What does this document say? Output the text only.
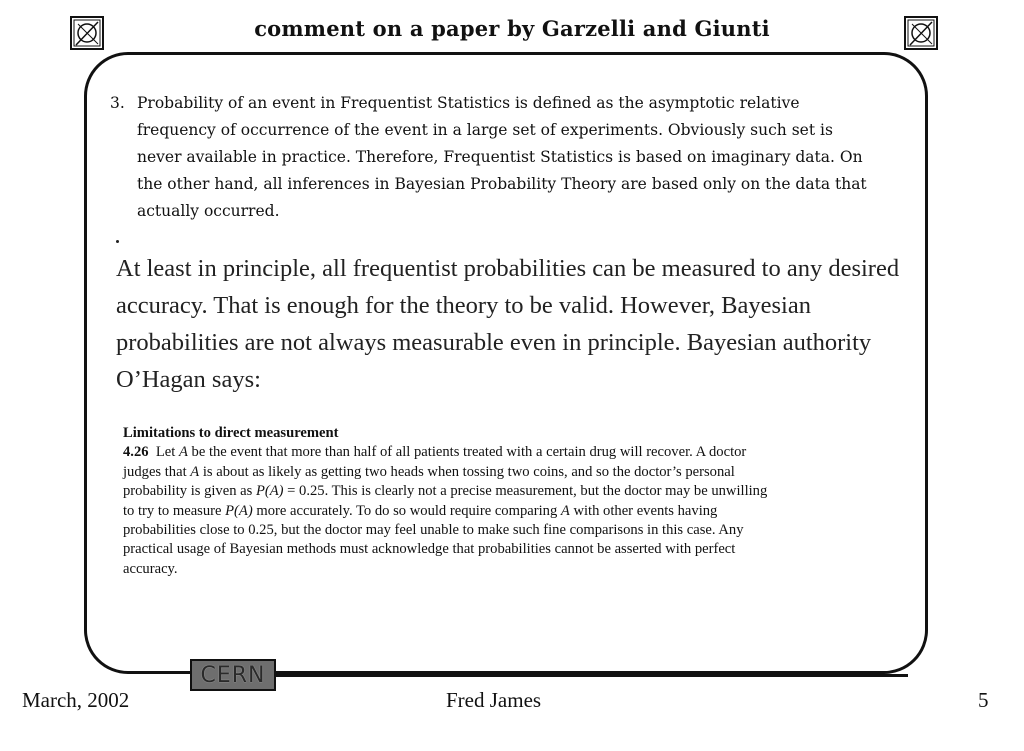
comment on a paper by Garzelli and Giunti
3. Probability of an event in Frequentist Statistics is defined as the asymptotic relative frequency of occurrence of the event in a large set of experiments. Obviously such set is never available in practice. Therefore, Frequentist Statistics is based on imaginary data. On the other hand, all inferences in Bayesian Probability Theory are based only on the data that actually occurred.
At least in principle, all frequentist probabilities can be measured to any desired accuracy. That is enough for the theory to be valid. However, Bayesian probabilities are not always measurable even in principle. Bayesian authority O’Hagan says:
Limitations to direct measurement
4.26 Let A be the event that more than half of all patients treated with a certain drug will recover. A doctor judges that A is about as likely as getting two heads when tossing two coins, and so the doctor’s personal probability is given as P(A) = 0.25. This is clearly not a precise measurement, but the doctor may be unwilling to try to measure P(A) more accurately. To do so would require comparing A with other events having probabilities close to 0.25, but the doctor may feel unable to make such fine comparisons in this case. Any practical usage of Bayesian methods must acknowledge that probabilities cannot be asserted with perfect accuracy.
CERN
March, 2002	Fred James	5
